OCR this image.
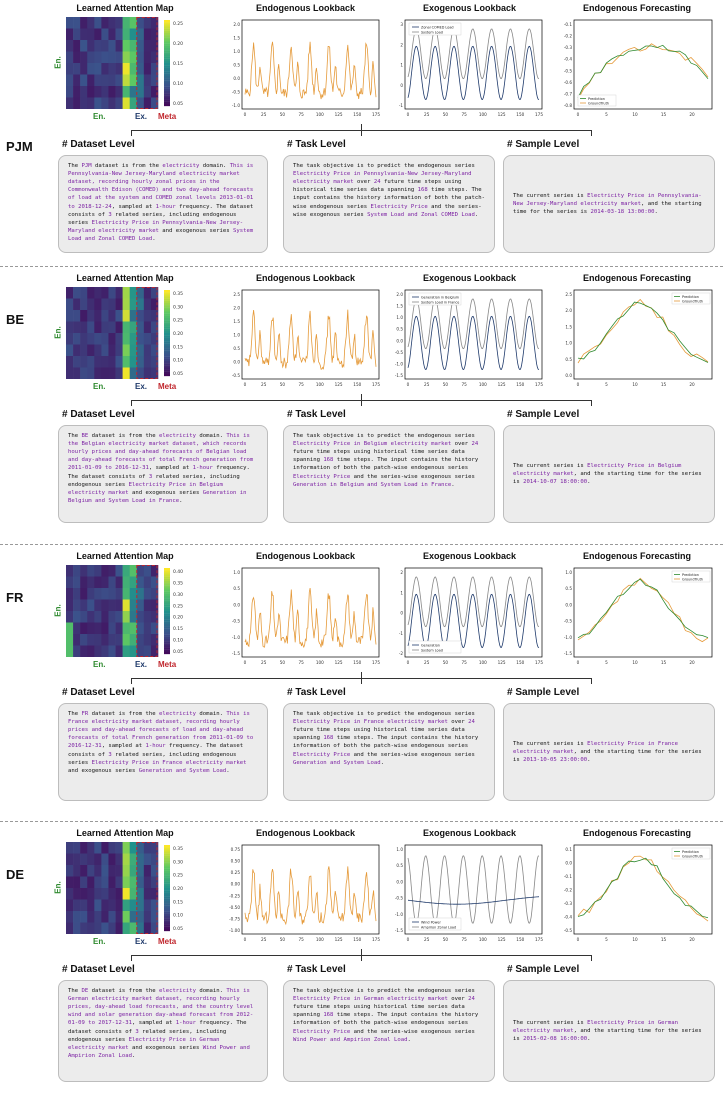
PJM
0.25
0.20
0.15
0.10
0.05
Learned Attention Map
En.
En.	Ex. Meta
2.0
1.5
1.0
0.5
0.0
-0.5
-1.0
0	25	50	75	100	125	150	175
Endogenous Lookback
3
2
1
0
-1
0	25	50	75	100	125	150	175
Zonal COMED Load
System Load
Exogenous Lookback
-0.1
-0.2
-0.3
-0.4
-0.5
-0.6
-0.7
-0.8
0	5	10	15	20
Prediction
GroundTruth
Endogenous Forecasting
# Dataset Level
The PJM dataset is from the electricity domain. This is Pennsylvania-New Jersey-Maryland electricity market dataset, recording hourly zonal prices in the Commonwealth Edison (COMED) and two day-ahead forecasts of load at the system and COMED zonal levels 2013-01-01 to 2018-12-24, sampled at 1-hour frequency. The dataset consists of 3 related series, including endogenous series Electricity Price in Pennsylvania-New Jersey-Maryland electricity market and exogenous series System Load and Zonal COMED Load.
# Task Level
The task objective is to predict the endogenous series Electricity Price in Pennsylvania-New Jersey-Maryland electricity market over 24 future time steps using historical time series data spanning 168 time steps. The input contains the history information of both the patch-wise endogenous series Electricity Price and the series-wise exogenous series System Load and Zonal COMED Load.
# Sample Level
The current series is Electricity Price in Pennsylvania-New Jersey-Maryland electricity market, and the starting time for the series is 2014-03-18 13:00:00.
BE
0.35
0.30
0.25
0.20
0.15
0.10
0.05
Learned Attention Map
En.
En.	Ex. Meta
2.5
2.0
1.5
1.0
0.5
0.0
-0.5
0	25	50	75	100	125	150	175
Endogenous Lookback
2.0
1.5
1.0
0.5
0.0
-0.5
-1.0
-1.5
0	25	50	75	100	125	150	175
Generation in Belgium
System Load in France
Exogenous Lookback
2.5
2.0
1.5
1.0
0.5
0.0
0	5	10	15	20
Prediction
GroundTruth
Endogenous Forecasting
# Dataset Level
The BE dataset is from the electricity domain. This is the Belgian electricity market dataset, which records hourly prices and day-ahead forecasts of Belgian load and day-ahead forecasts of total French generation from 2011-01-09 to 2016-12-31, sampled at 1-hour frequency. The dataset consists of 3 related series, including endogenous series Electricity Price in Belgium electricity market and exogenous series Generation in Belgium and System Load in France.
# Task Level
The task objective is to predict the endogenous series Electricity Price in Belgium electricity market over 24 future time steps using historical time series data spanning 168 time steps. The input contains the history information of both the patch-wise endogenous series Electricity Price and the series-wise exogenous series Generation in Belgium and System Load in France.
# Sample Level
The current series is Electricity Price in Belgium electricity market, and the starting time for the series is 2014-10-07 18:00:00.
FR
0.40
0.35
0.30
0.25
0.20
0.15
0.10
0.05
Learned Attention Map
En.
En.	Ex. Meta
1.0
0.5
0.0
-0.5
-1.0
-1.5
0	25	50	75	100	125	150	175
Endogenous Lookback
2
1
0
-1
-2
0	25	50	75	100	125	150	175
Generation
System Load
Exogenous Lookback
1.0
0.5
0.0
-0.5
-1.0
-1.5
0	5	10	15	20
Prediction
GroundTruth
Endogenous Forecasting
# Dataset Level
The FR dataset is from the electricity domain. This is France electricity market dataset, recording hourly prices and day-ahead forecasts of load and day-ahead forecasts of total French generation from 2011-01-09 to 2016-12-31, sampled at 1-hour frequency. The dataset consists of 3 related series, including endogenous series Electricity Price in France electricity market and exogenous series Generation and System Load.
# Task Level
The task objective is to predict the endogenous series Electricity Price in France electricity market over 24 future time steps using historical time series data spanning 168 time steps. The input contains the history information of both the patch-wise endogenous series Electricity Price and the series-wise exogenous series Generation and System Load.
# Sample Level
The current series is Electricity Price in France electricity market, and the starting time for the series is 2013-10-05 23:00:00.
DE
0.35
0.30
0.25
0.20
0.15
0.10
0.05
Learned Attention Map
En.
En.	Ex. Meta
0.75
0.50
0.25
0.00
-0.25
-0.50
-0.75
-1.00
0	25	50	75	100	125	150	175
Endogenous Lookback
1.0
0.5
0.0
-0.5
-1.0
-1.5
0	25	50	75	100	125	150	175
Wind Power
Ampirion Zonal Load
Exogenous Lookback
0.1
0.0
-0.1
-0.2
-0.3
-0.4
-0.5
0	5	10	15	20
Prediction
GroundTruth
Endogenous Forecasting
# Dataset Level
The DE dataset is from the electricity domain. This is German electricity market dataset, recording hourly prices, day-ahead load forecasts, and the country level wind and solar generation day-ahead forecast from 2012-01-09 to 2017-12-31, sampled at 1-hour frequency. The dataset consists of 3 related series, including endogenous series Electricity Price in German electricity market and exogenous series Wind Power and Ampirion Zonal Load.
# Task Level
The task objective is to predict the endogenous series Electricity Price in German electricity market over 24 future time steps using historical time series data spanning 168 time steps. The input contains the history information of both the patch-wise endogenous series Electricity Price and the series-wise exogenous series Wind Power and Ampirion Zonal Load.
# Sample Level
The current series is Electricity Price in German electricity market, and the starting time for the series is 2015-02-08 16:00:00.
